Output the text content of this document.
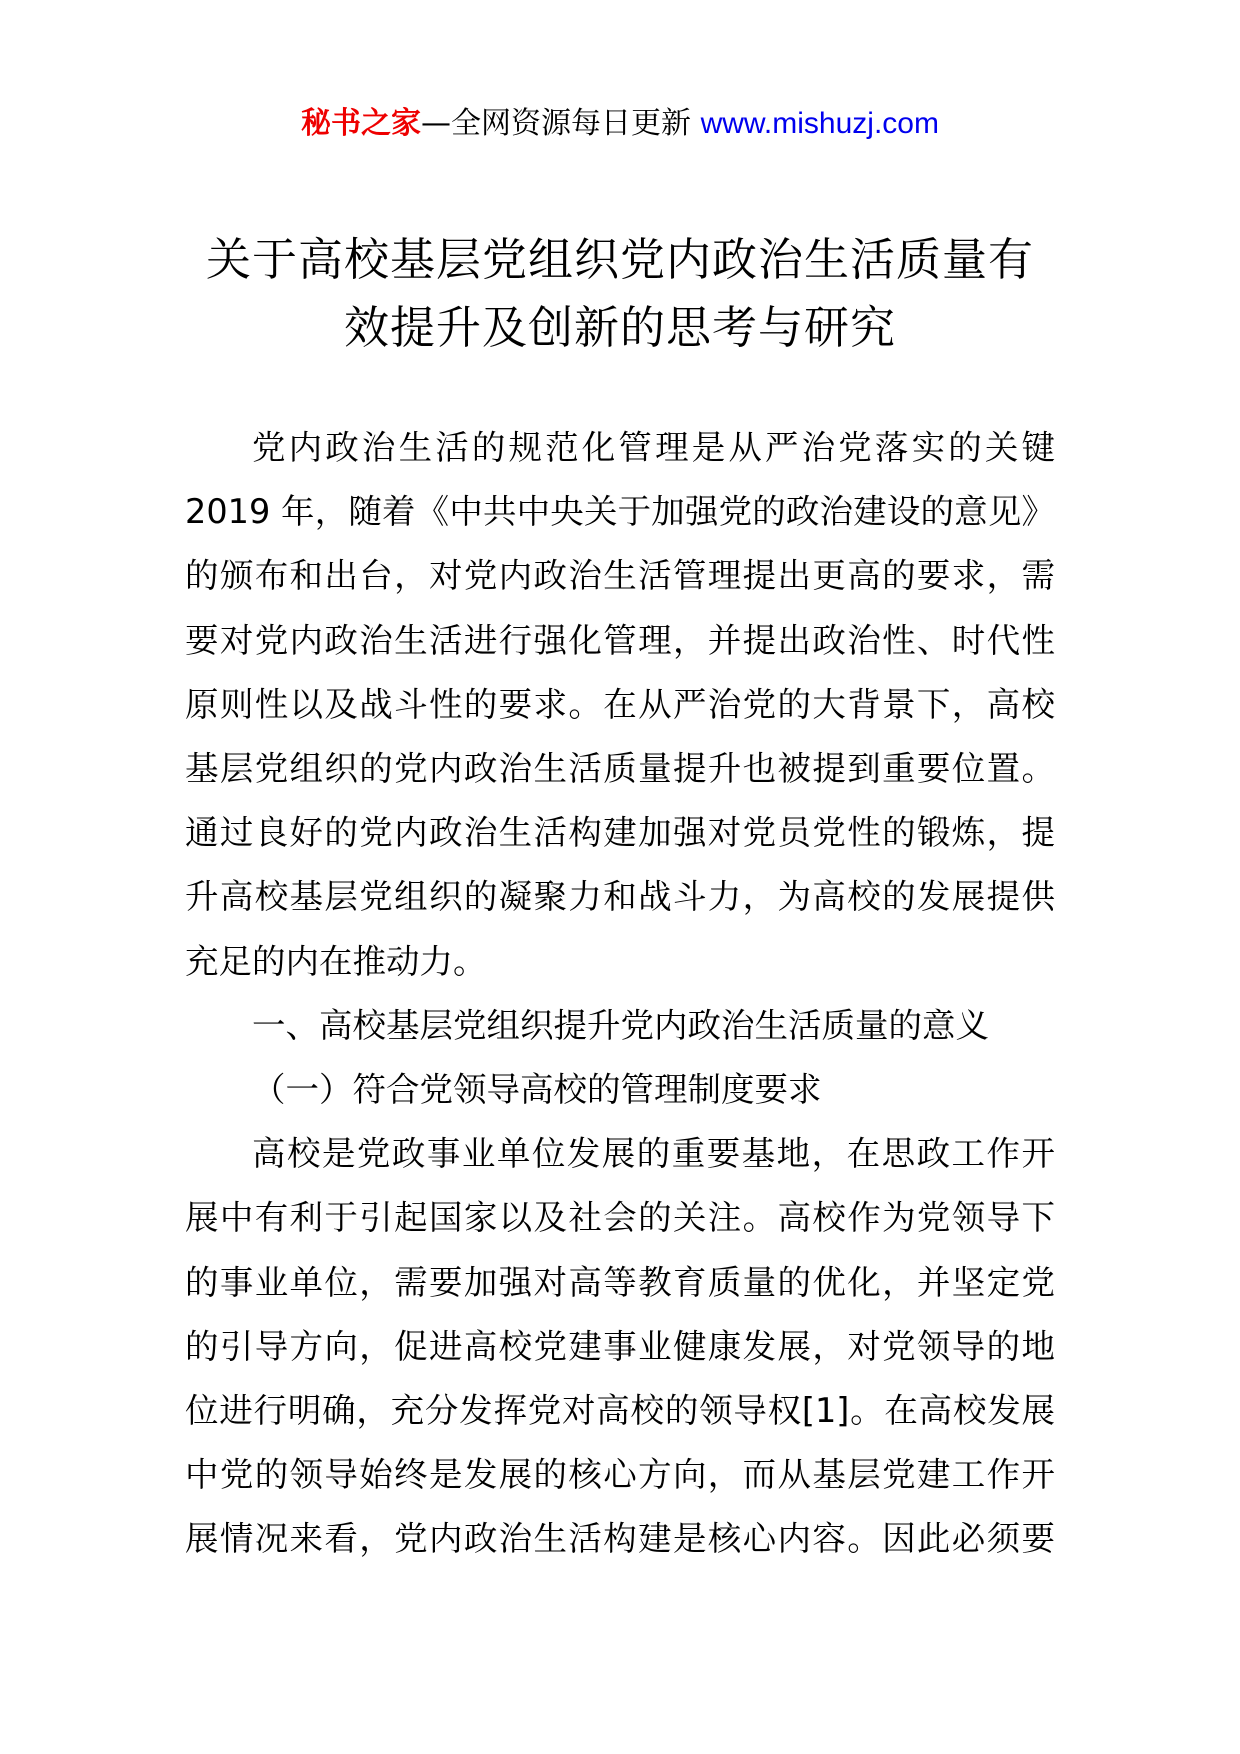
秘书之家—全网资源每日更新 www.mishuzj.com
关于高校基层党组织党内政治生活质量有
效提升及创新的思考与研究
党内政治生活的规范化管理是从严治党落实的关键
2019 年，随着《中共中央关于加强党的政治建设的意见》
的颁布和出台，对党内政治生活管理提出更高的要求，需
要对党内政治生活进行强化管理，并提出政治性、时代性
原则性以及战斗性的要求。在从严治党的大背景下，高校
基层党组织的党内政治生活质量提升也被提到重要位置。
通过良好的党内政治生活构建加强对党员党性的锻炼，提
升高校基层党组织的凝聚力和战斗力，为高校的发展提供
充足的内在推动力。

一、高校基层党组织提升党内政治生活质量的意义

（一）符合党领导高校的管理制度要求

高校是党政事业单位发展的重要基地，在思政工作开
展中有利于引起国家以及社会的关注。高校作为党领导下
的事业单位，需要加强对高等教育质量的优化，并坚定党
的引导方向，促进高校党建事业健康发展，对党领导的地
位进行明确，充分发挥党对高校的领导权[1]。在高校发展
中党的领导始终是发展的核心方向，而从基层党建工作开
展情况来看，党内政治生活构建是核心内容。因此必须要
